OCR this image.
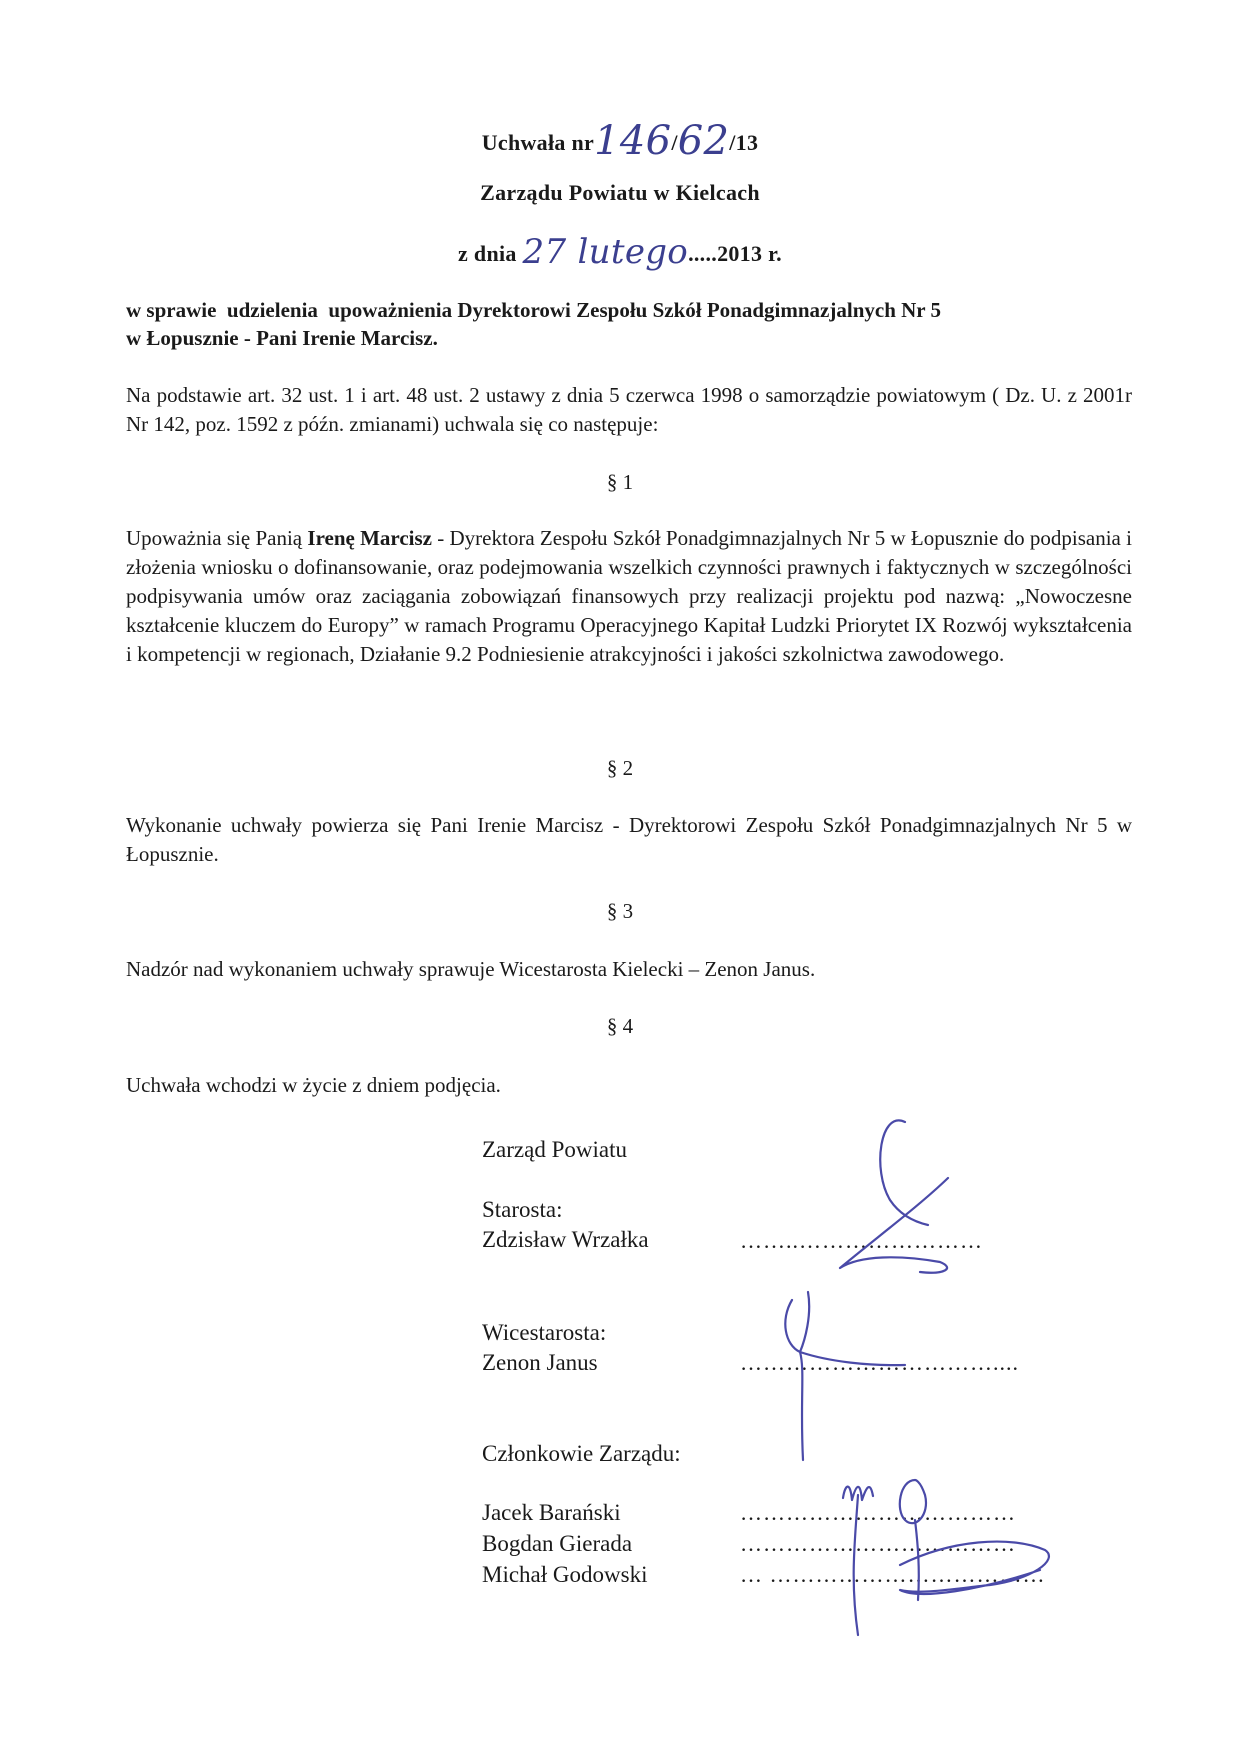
Uchwała nr146/62/13
Zarządu Powiatu w Kielcach
z dnia 27 lutego.....2013 r.
w sprawie  udzielenia  upoważnienia Dyrektorowi Zespołu Szkół Ponadgimnazjalnych Nr 5
w Łopusznie - Pani Irenie Marcisz.
Na podstawie art. 32 ust. 1 i art. 48 ust. 2 ustawy z dnia 5 czerwca 1998 o samorządzie powiatowym ( Dz. U. z 2001r Nr 142, poz. 1592 z późn. zmianami) uchwala się co następuje:
§ 1

Upoważnia się Panią Irenę Marcisz - Dyrektora Zespołu Szkół Ponadgimnazjalnych Nr 5 w Łopusznie do podpisania i złożenia wniosku o dofinansowanie, oraz podejmowania wszelkich czynności prawnych i faktycznych w szczególności podpisywania umów oraz zaciągania zobowiązań finansowych przy realizacji projektu pod nazwą: „Nowoczesne kształcenie kluczem do Europy” w ramach Programu Operacyjnego Kapitał Ludzki Priorytet IX Rozwój wykształcenia i kompetencji w regionach, Działanie 9.2 Podniesienie atrakcyjności i jakości szkolnictwa zawodowego.

§ 2
Wykonanie uchwały powierza się Pani Irenie Marcisz - Dyrektorowi Zespołu Szkół Ponadgimnazjalnych Nr 5 w Łopusznie.
§ 3
Nadzór nad wykonaniem uchwały sprawuje Wicestarosta Kielecki – Zenon Janus.
§ 4
Uchwała wchodzi w życie z dniem podjęcia.
Zarząd Powiatu
Starosta:
Zdzisław Wrzałka	……..……………………
Wicestarosta:
Zenon Janus	……………………………....
Członkowie Zarządu:
Jacek Barański	………………………………
Bogdan Gierada	………………………………
Michał Godowski	… ………………………………
